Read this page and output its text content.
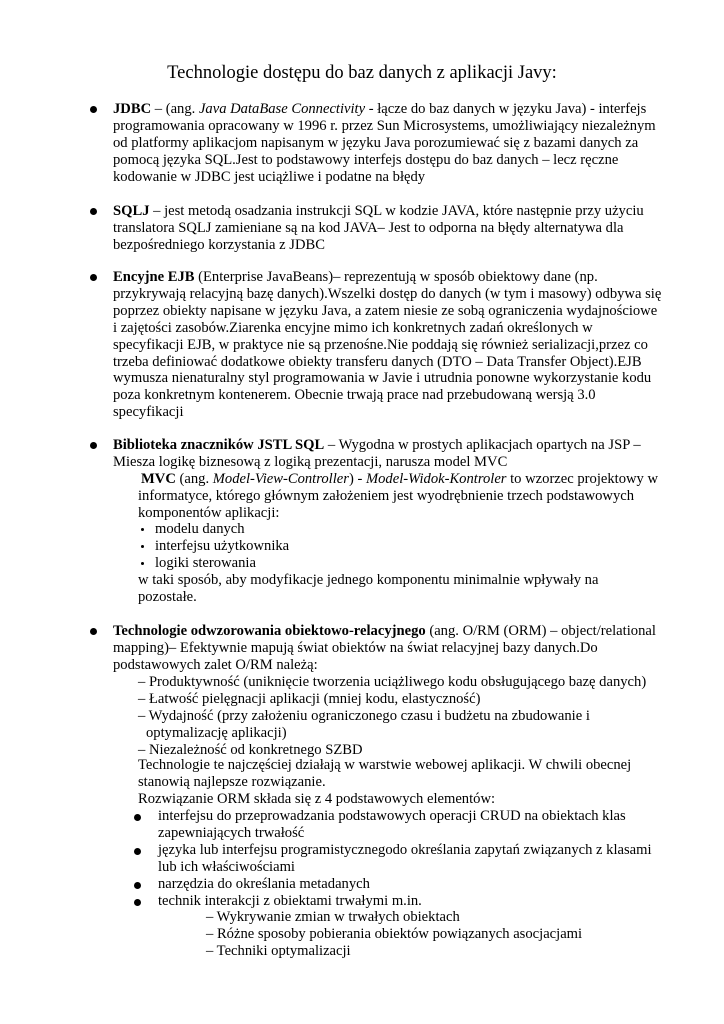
Technologie dostępu do baz danych z aplikacji Javy:

JDBC – (ang. Java DataBase Connectivity - łącze do baz danych w języku Java) - interfejs programowania opracowany w 1996 r. przez Sun Microsystems, umożliwiający niezależnym od platformy aplikacjom napisanym w języku Java porozumiewać się z bazami danych za pomocą języka SQL.Jest to podstawowy interfejs dostępu do baz danych – lecz ręczne kodowanie w JDBC jest uciążliwe i podatne na błędy

SQLJ – jest metodą osadzania instrukcji SQL w kodzie JAVA, które następnie przy użyciu translatora SQLJ zamieniane są na kod JAVA– Jest to odporna na błędy alternatywa dla bezpośredniego korzystania z JDBC

Encyjne EJB (Enterprise JavaBeans)– reprezentują w sposób obiektowy dane (np. przykrywają relacyjną bazę danych).Wszelki dostęp do danych (w tym i masowy) odbywa się poprzez obiekty napisane w języku Java, a zatem niesie ze sobą ograniczenia wydajnościowe i zajętości zasobów.Ziarenka encyjne mimo ich konkretnych zadań określonych w specyfikacji EJB, w praktyce nie są przenośne.Nie poddają się również serializacji,przez co trzeba definiować dodatkowe obiekty transferu danych (DTO – Data Transfer Object).EJB wymusza nienaturalny styl programowania w Javie i utrudnia ponowne wykorzystanie kodu poza konkretnym kontenerem. Obecnie trwają prace nad przebudowaną wersją 3.0 specyfikacji

Biblioteka znaczników JSTL SQL – Wygodna w prostych aplikacjach opartych na JSP – Miesza logikę biznesową z logiką prezentacji, narusza model MVC

MVC (ang. Model-View-Controller) - Model-Widok-Kontroler to wzorzec projektowy w informatyce, którego głównym założeniem jest wyodrębnienie trzech podstawowych komponentów aplikacji:

modelu danych
interfejsu użytkownika
logiki sterowania

w taki sposób, aby modyfikacje jednego komponentu minimalnie wpływały na pozostałe.

Technologie odwzorowania obiektowo-relacyjnego (ang. O/RM (ORM) – object/relational mapping)– Efektywnie mapują świat obiektów na świat relacyjnej bazy danych.Do podstawowych zalet O/RM należą:

– Produktywność (uniknięcie tworzenia uciążliwego kodu obsługującego bazę danych)

– Łatwość pielęgnacji aplikacji (mniej kodu, elastyczność)

– Wydajność (przy założeniu ograniczonego czasu i budżetu na zbudowanie i optymalizację aplikacji)

– Niezależność od konkretnego SZBD

Technologie te najczęściej działają w warstwie webowej aplikacji. W chwili obecnej stanowią najlepsze rozwiązanie.

Rozwiązanie ORM składa się z 4 podstawowych elementów:

interfejsu do przeprowadzania podstawowych operacji CRUD na obiektach klas zapewniających trwałość

języka lub interfejsu programistycznegodo określania zapytań związanych z klasami lub ich właściwościami

narzędzia do określania metadanych

technik interakcji z obiektami trwałymi m.in.

– Wykrywanie zmian w trwałych obiektach

– Różne sposoby pobierania obiektów powiązanych asocjacjami

– Techniki optymalizacji
